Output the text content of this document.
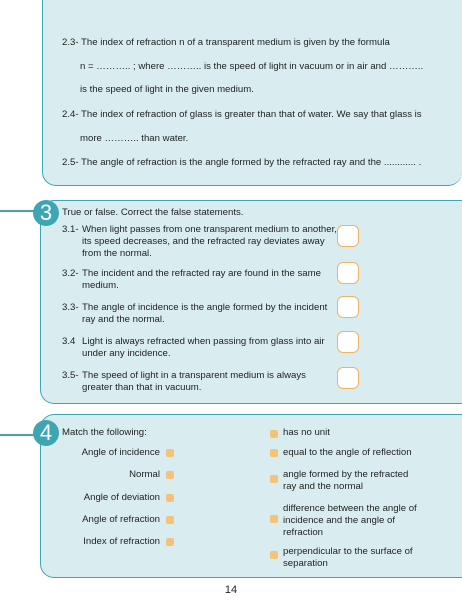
2.3- The index of refraction n of a transparent medium is given by the formula
n = ……….. ; where ……….. is the speed of light in vacuum or in air and ………..
is the speed of light in the given medium.
2.4- The index of refraction of glass is greater than that of water. We say that glass is
more ……….. than water.
2.5- The angle of refraction is the angle formed by the refracted ray and the ............ .
3	True or false. Correct the false statements.
3.1- When light passes from one transparent medium to another,
its speed decreases, and the refracted ray deviates away
from the normal.
3.2- The incident and the refracted ray are found in the same
medium.
3.3- The angle of incidence is the angle formed by the incident
ray and the normal.
3.4 Light is always refracted when passing from glass into air
under any incidence.
3.5- The speed of light in a transparent medium is always
greater than that in vacuum.
4	Match the following:
Angle of incidence
Normal
Angle of deviation
Angle of refraction
Index of refraction
has no unit
equal to the angle of reflection
angle formed by the refracted
ray and the normal
difference between the angle of
incidence and the angle of
refraction
perpendicular to the surface of
separation
14
